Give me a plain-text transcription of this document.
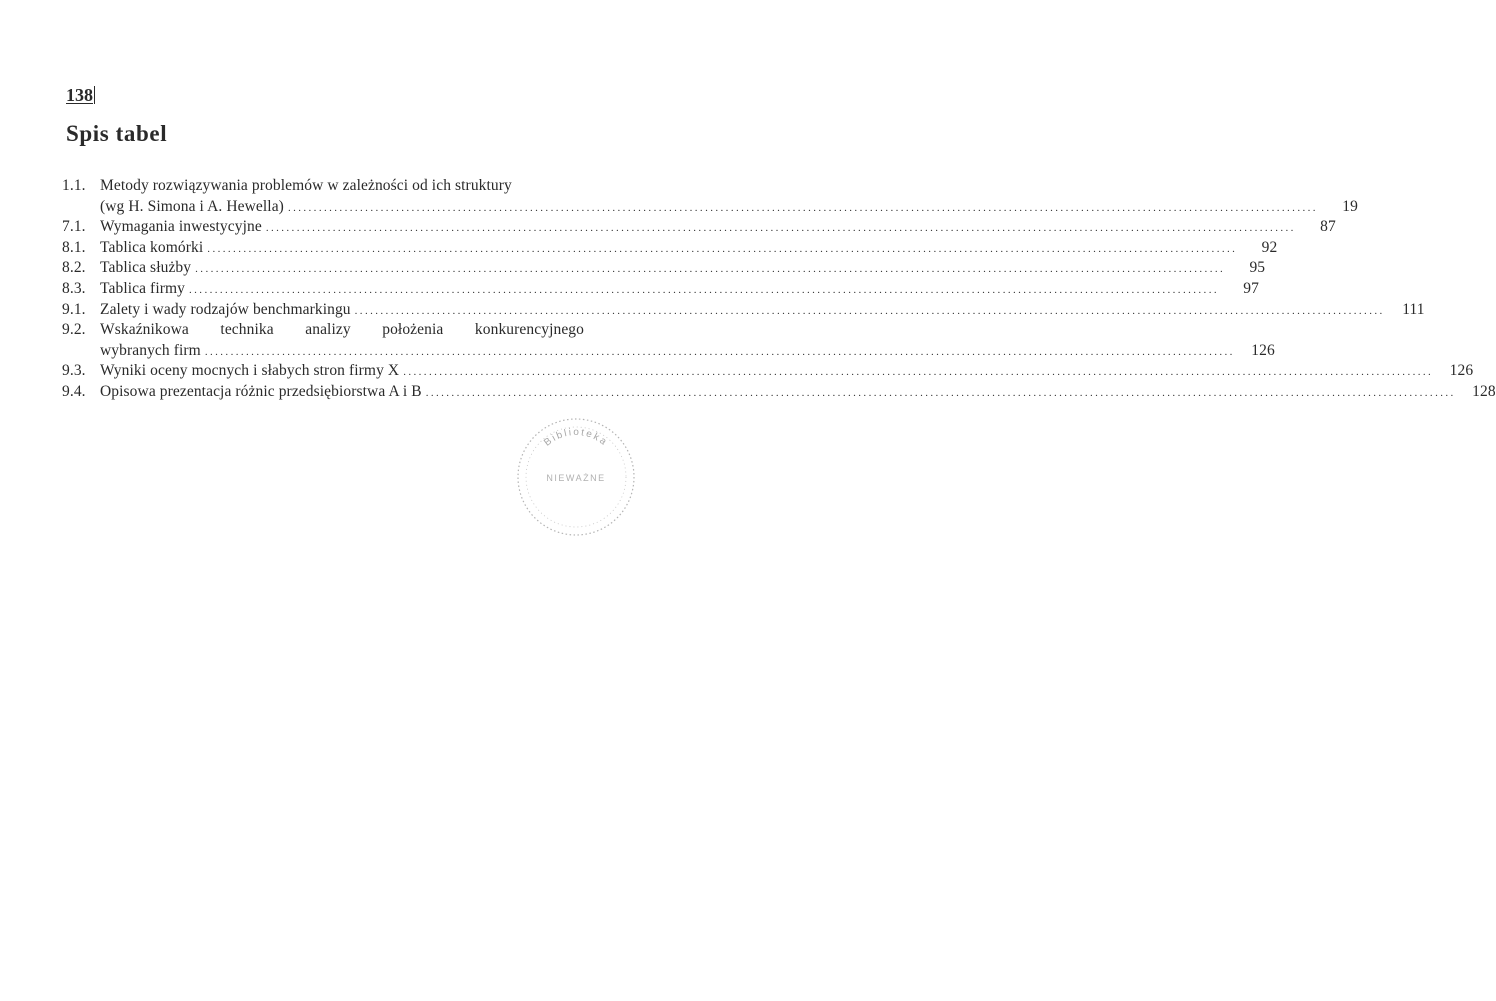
138
Spis tabel
1.1. Metody rozwiązywania problemów w zależności od ich struktury
(wg H. Simona i A. Hewella) ........................................................................................................................................................................................................	19
7.1. Wymagania inwestycyjne ........................................................................................................................................................................................................	87
8.1. Tablica komórki ........................................................................................................................................................................................................	92
8.2. Tablica służby ........................................................................................................................................................................................................	95
8.3. Tablica firmy ........................................................................................................................................................................................................	97
9.1. Zalety i wady rodzajów benchmarkingu ........................................................................................................................................................................................................	111
9.2. Wskaźnikowa technika analizy położenia konkurencyjnego
wybranych firm ........................................................................................................................................................................................................	126
9.3. Wyniki oceny mocnych i słabych stron firmy X ........................................................................................................................................................................................................	126
9.4. Opisowa prezentacja różnic przedsiębiorstwa A i B ........................................................................................................................................................................................................	128
Biblioteka
NIEWAŻNE
